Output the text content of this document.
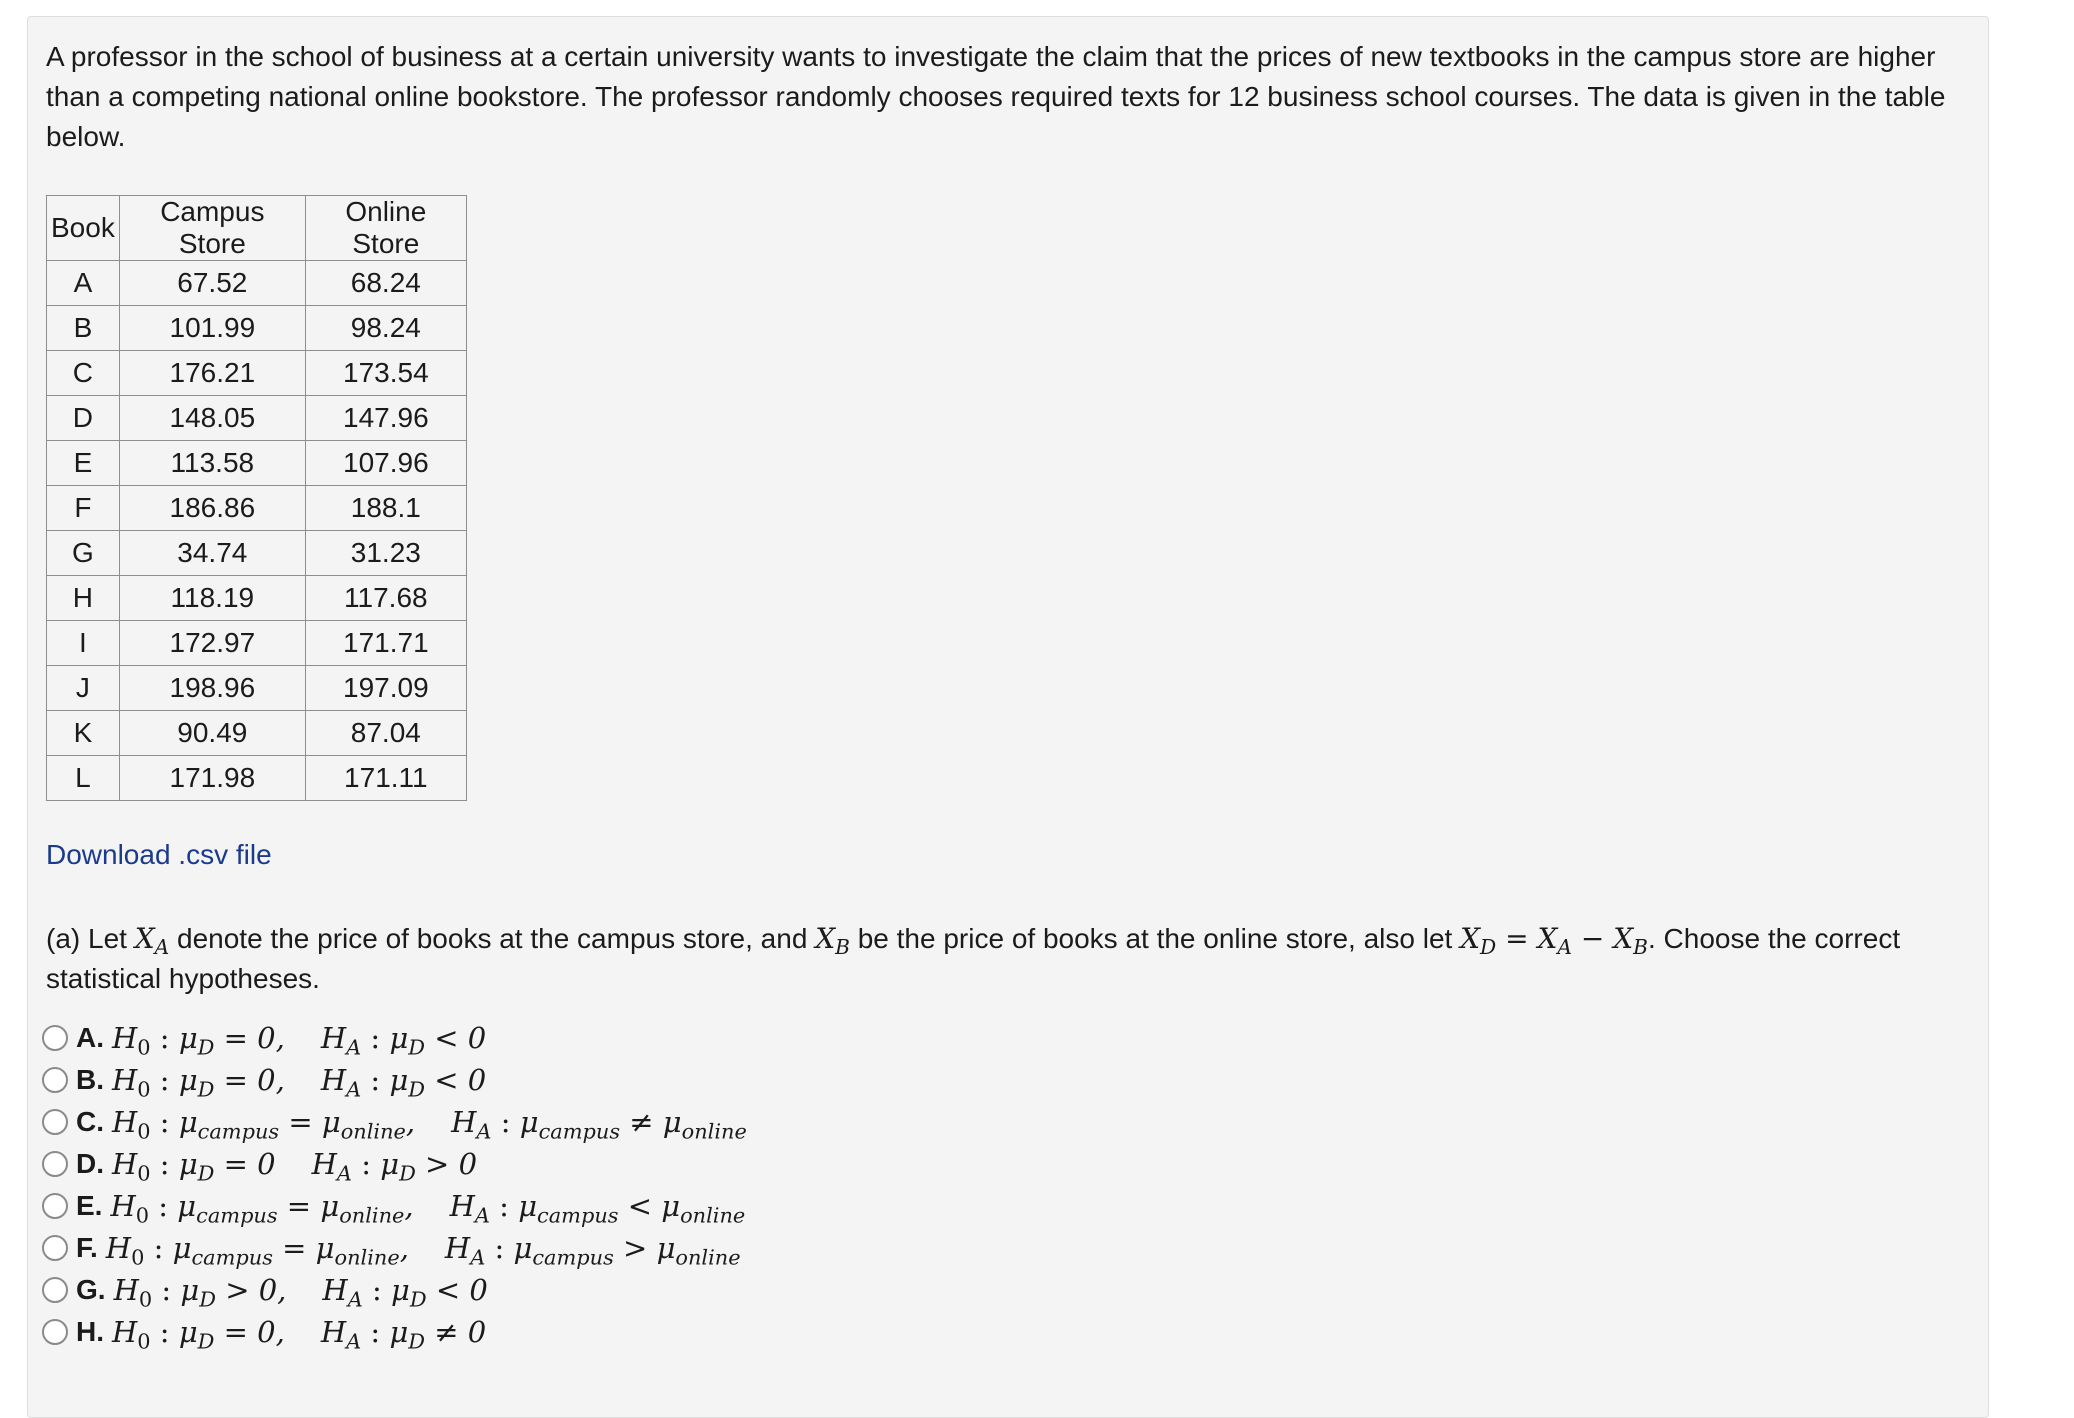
A professor in the school of business at a certain university wants to investigate the claim that the prices of new textbooks in the campus store are higher than a competing national online bookstore. The professor randomly chooses required texts for 12 business school courses. The data is given in the table below.
Book	Campus Store	Online Store
A	67.52	68.24
B	101.99	98.24
C	176.21	173.54
D	148.05	147.96
E	113.58	107.96
F	186.86	188.1
G	34.74	31.23
H	118.19	117.68
I	172.97	171.71
J	198.96	197.09
K	90.49	87.04
L	171.98	171.11
Download .csv file
(a) Let $X_A$ denote the price of books at the campus store, and $X_B$ be the price of books at the online store, also let $X_D = X_A - X_B$. Choose the correct statistical hypotheses.
A. $H_0$ : $\mu_D = 0$, $H_A$ : $\mu_D < 0$
B. $H_0$ : $\mu_D = 0$, $H_A$ : $\mu_D < 0$
C. $H_0$ : $\mu_{campus} = \mu_{online}$, $H_A$ : $\mu_{campus} \ne \mu_{online}$
D. $H_0$ : $\mu_D = 0$ $H_A$ : $\mu_D > 0$
E. $H_0$ : $\mu_{campus} = \mu_{online}$, $H_A$ : $\mu_{campus} < \mu_{online}$
F. $H_0$ : $\mu_{campus} = \mu_{online}$, $H_A$ : $\mu_{campus} > \mu_{online}$
G. $H_0$ : $\mu_D > 0$, $H_A$ : $\mu_D < 0$
H. $H_0$ : $\mu_D = 0$, $H_A$ : $\mu_D \ne 0$
